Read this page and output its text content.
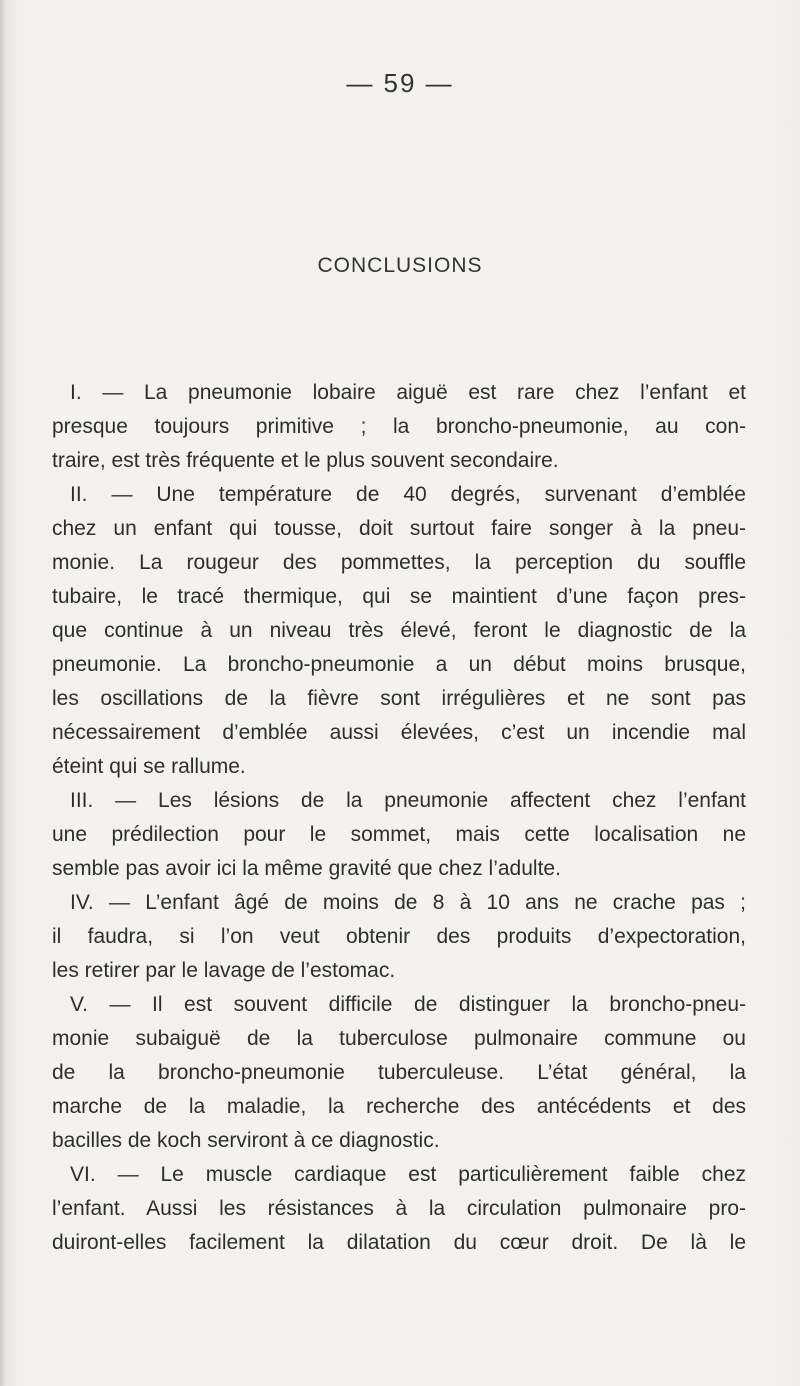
— 59 —
CONCLUSIONS
I. — La pneumonie lobaire aiguë est rare chez l’enfant et
presque toujours primitive ; la broncho-pneumonie, au con-
traire, est très fréquente et le plus souvent secondaire.
II. — Une température de 40 degrés, survenant d’emblée
chez un enfant qui tousse, doit surtout faire songer à la pneu-
monie. La rougeur des pommettes, la perception du souffle
tubaire, le tracé thermique, qui se maintient d’une façon pres-
que continue à un niveau très élevé, feront le diagnostic de la
pneumonie. La broncho-pneumonie a un début moins brusque,
les oscillations de la fièvre sont irrégulières et ne sont pas
nécessairement d’emblée aussi élevées, c’est un incendie mal
éteint qui se rallume.
III. — Les lésions de la pneumonie affectent chez l’enfant
une prédilection pour le sommet, mais cette localisation ne
semble pas avoir ici la même gravité que chez l’adulte.
IV. — L’enfant âgé de moins de 8 à 10 ans ne crache pas ;
il faudra, si l’on veut obtenir des produits d’expectoration,
les retirer par le lavage de l’estomac.
V. — Il est souvent difficile de distinguer la broncho-pneu-
monie subaiguë de la tuberculose pulmonaire commune ou
de la broncho-pneumonie tuberculeuse. L’état général, la
marche de la maladie, la recherche des antécédents et des
bacilles de koch serviront à ce diagnostic.
VI. — Le muscle cardiaque est particulièrement faible chez
l’enfant. Aussi les résistances à la circulation pulmonaire pro-
duiront-elles facilement la dilatation du cœur droit. De là le
